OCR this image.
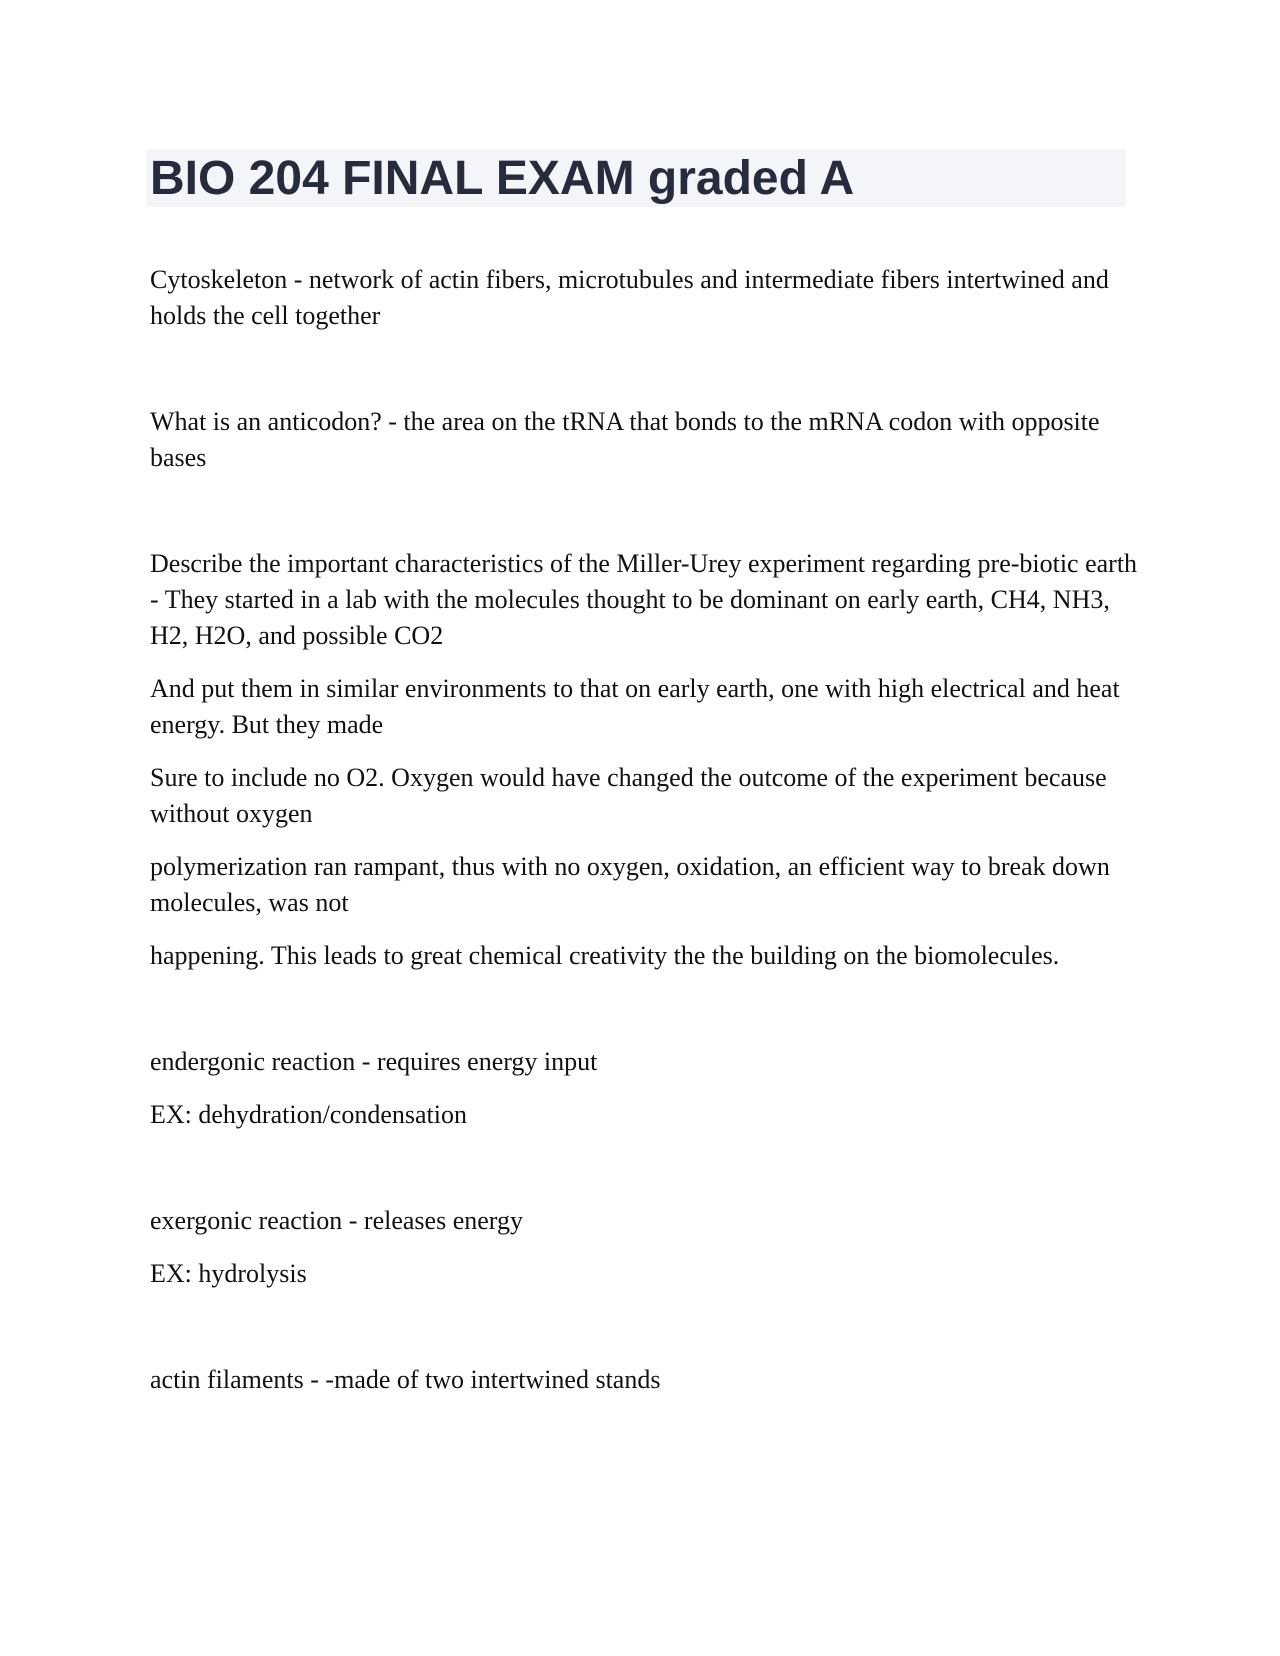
BIO 204 FINAL EXAM graded A

Cytoskeleton - network of actin fibers, microtubules and intermediate fibers intertwined and holds the cell together

What is an anticodon? - the area on the tRNA that bonds to the mRNA codon with opposite bases

Describe the important characteristics of the Miller-Urey experiment regarding pre-biotic earth - They started in a lab with the molecules thought to be dominant on early earth, CH4, NH3, H2, H2O, and possible CO2

And put them in similar environments to that on early earth, one with high electrical and heat energy. But they made

Sure to include no O2. Oxygen would have changed the outcome of the experiment because without oxygen

polymerization ran rampant, thus with no oxygen, oxidation, an efficient way to break down molecules, was not

happening. This leads to great chemical creativity the the building on the biomolecules.

endergonic reaction - requires energy input

EX: dehydration/condensation

exergonic reaction - releases energy

EX: hydrolysis

actin filaments - -made of two intertwined stands
